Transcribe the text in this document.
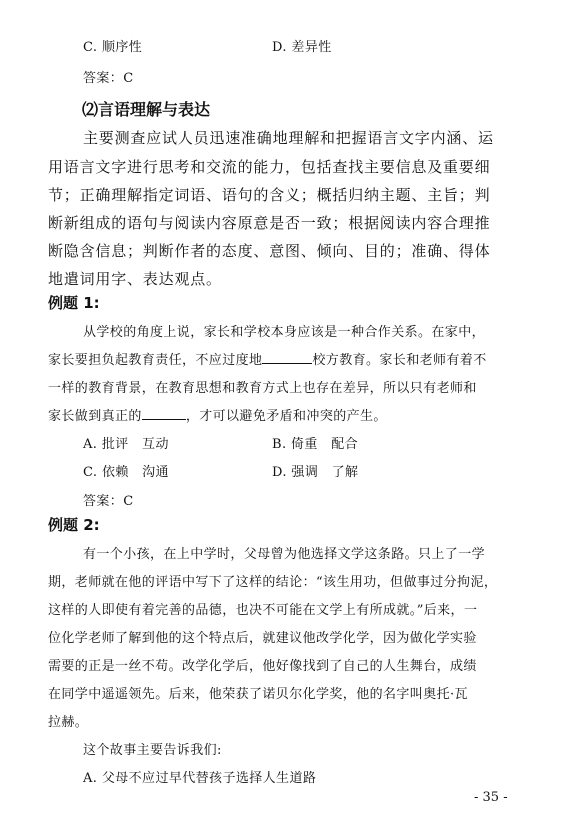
C. 顺序性	D. 差异性
答案：C
⑵言语理解与表达
主要测查应试人员迅速准确地理解和把握语言文字内涵、运
用语言文字进行思考和交流的能力，包括查找主要信息及重要细
节；正确理解指定词语、语句的含义；概括归纳主题、主旨；判
断新组成的语句与阅读内容原意是否一致；根据阅读内容合理推
断隐含信息；判断作者的态度、意图、倾向、目的；准确、得体
地遣词用字、表达观点。
例题 1:
从学校的角度上说，家长和学校本身应该是一种合作关系。在家中，
家长要担负起教育责任，不应过度地	校方教育。家长和老师有着不
一样的教育背景，在教育思想和教育方式上也存在差异，所以只有老师和
家长做到真正的	，才可以避免矛盾和冲突的产生。
A. 批评　互动	B. 倚重　配合
C. 依赖　沟通	D. 强调　了解
答案：C
例题 2:
有一个小孩，在上中学时，父母曾为他选择文学这条路。只上了一学
期，老师就在他的评语中写下了这样的结论：“该生用功，但做事过分拘泥，
这样的人即使有着完善的品德，也决不可能在文学上有所成就。”后来，一
位化学老师了解到他的这个特点后，就建议他改学化学，因为做化学实验
需要的正是一丝不苟。改学化学后，他好像找到了自己的人生舞台，成绩
在同学中遥遥领先。后来，他荣获了诺贝尔化学奖，他的名字叫奥托·瓦
拉赫。
这个故事主要告诉我们:
A. 父母不应过早代替孩子选择人生道路
- 35 -
